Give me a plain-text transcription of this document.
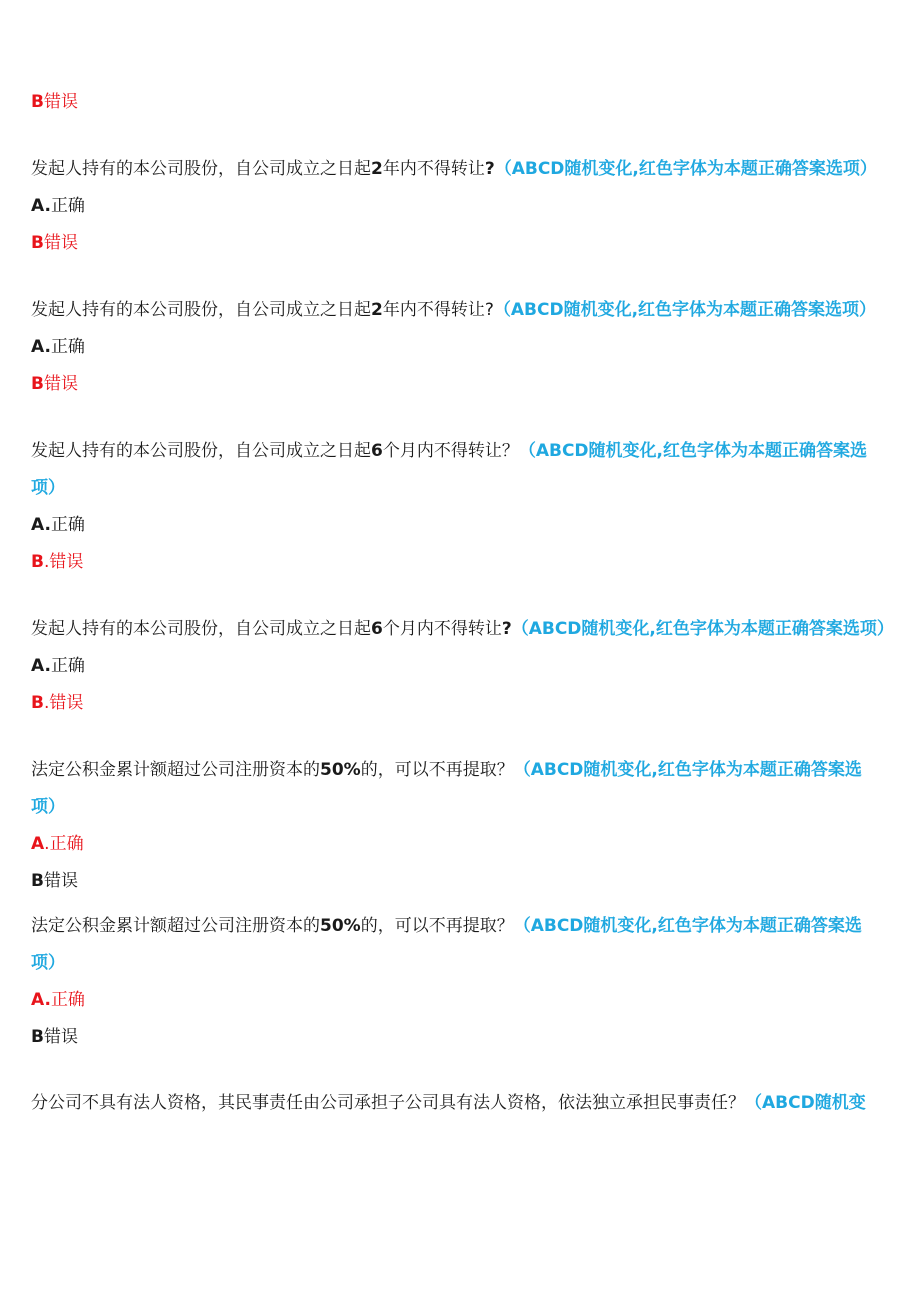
B错误
发起人持有的本公司股份，自公司成立之日起2年内不得转让?（ABCD随机变化,红色字体为本题正确答案选项）
A.正确
B错误
发起人持有的本公司股份，自公司成立之日起2年内不得转让?（ABCD随机变化,红色字体为本题正确答案选项）
A.正确
B错误
发起人持有的本公司股份，自公司成立之日起6个月内不得转让？（ABCD随机变化,红色字体为本题正确答案选
项）
A.正确
B.错误
发起人持有的本公司股份，自公司成立之日起6个月内不得转让?（ABCD随机变化,红色字体为本题正确答案选项）
A.正确
B.错误
法定公积金累计额超过公司注册资本的50%的，可以不再提取？（ABCD随机变化,红色字体为本题正确答案选
项）
A.正确
B错误
法定公积金累计额超过公司注册资本的50%的，可以不再提取？（ABCD随机变化,红色字体为本题正确答案选
项）
A.正确
B错误
分公司不具有法人资格，其民事责任由公司承担子公司具有法人资格，依法独立承担民事责任？（ABCD随机变
